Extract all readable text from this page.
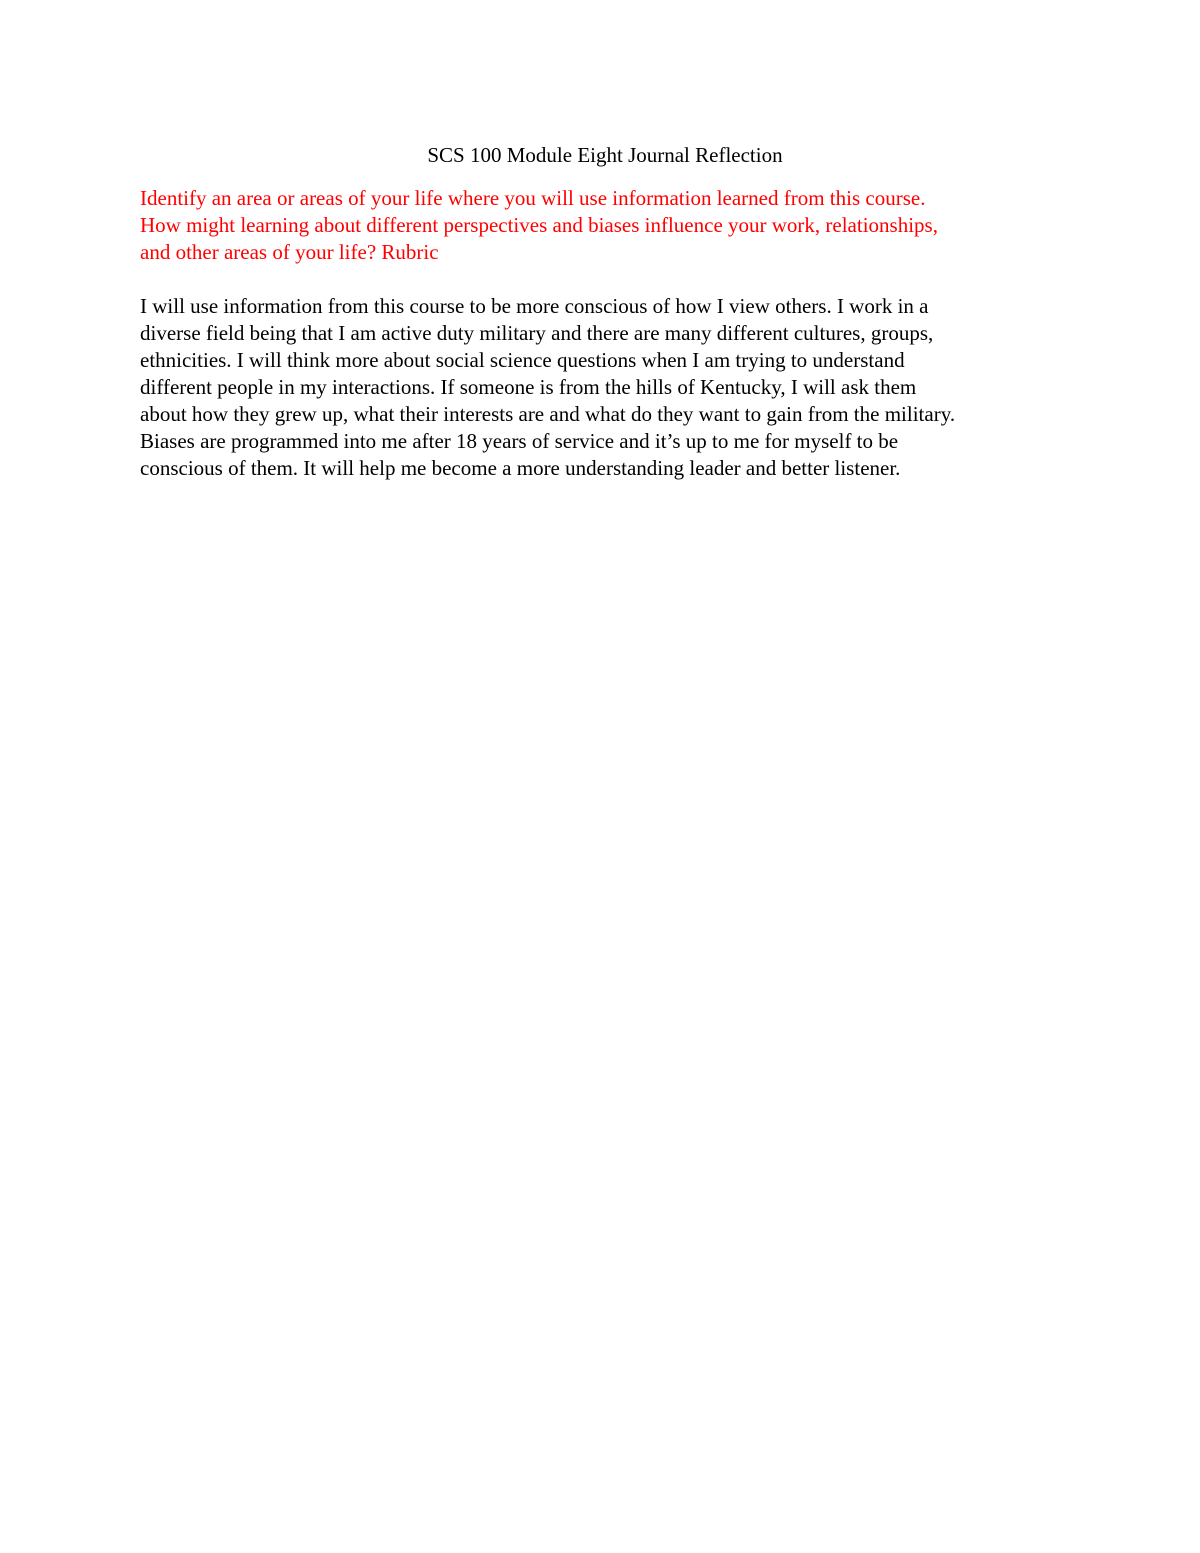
SCS 100 Module Eight Journal Reflection

Identify an area or areas of your life where you will use information learned from this course.
How might learning about different perspectives and biases influence your work, relationships,
and other areas of your life? Rubric

I will use information from this course to be more conscious of how I view others. I work in a
diverse field being that I am active duty military and there are many different cultures, groups,
ethnicities. I will think more about social science questions when I am trying to understand
different people in my interactions. If someone is from the hills of Kentucky, I will ask them
about how they grew up, what their interests are and what do they want to gain from the military.
Biases are programmed into me after 18 years of service and it’s up to me for myself to be
conscious of them. It will help me become a more understanding leader and better listener.
